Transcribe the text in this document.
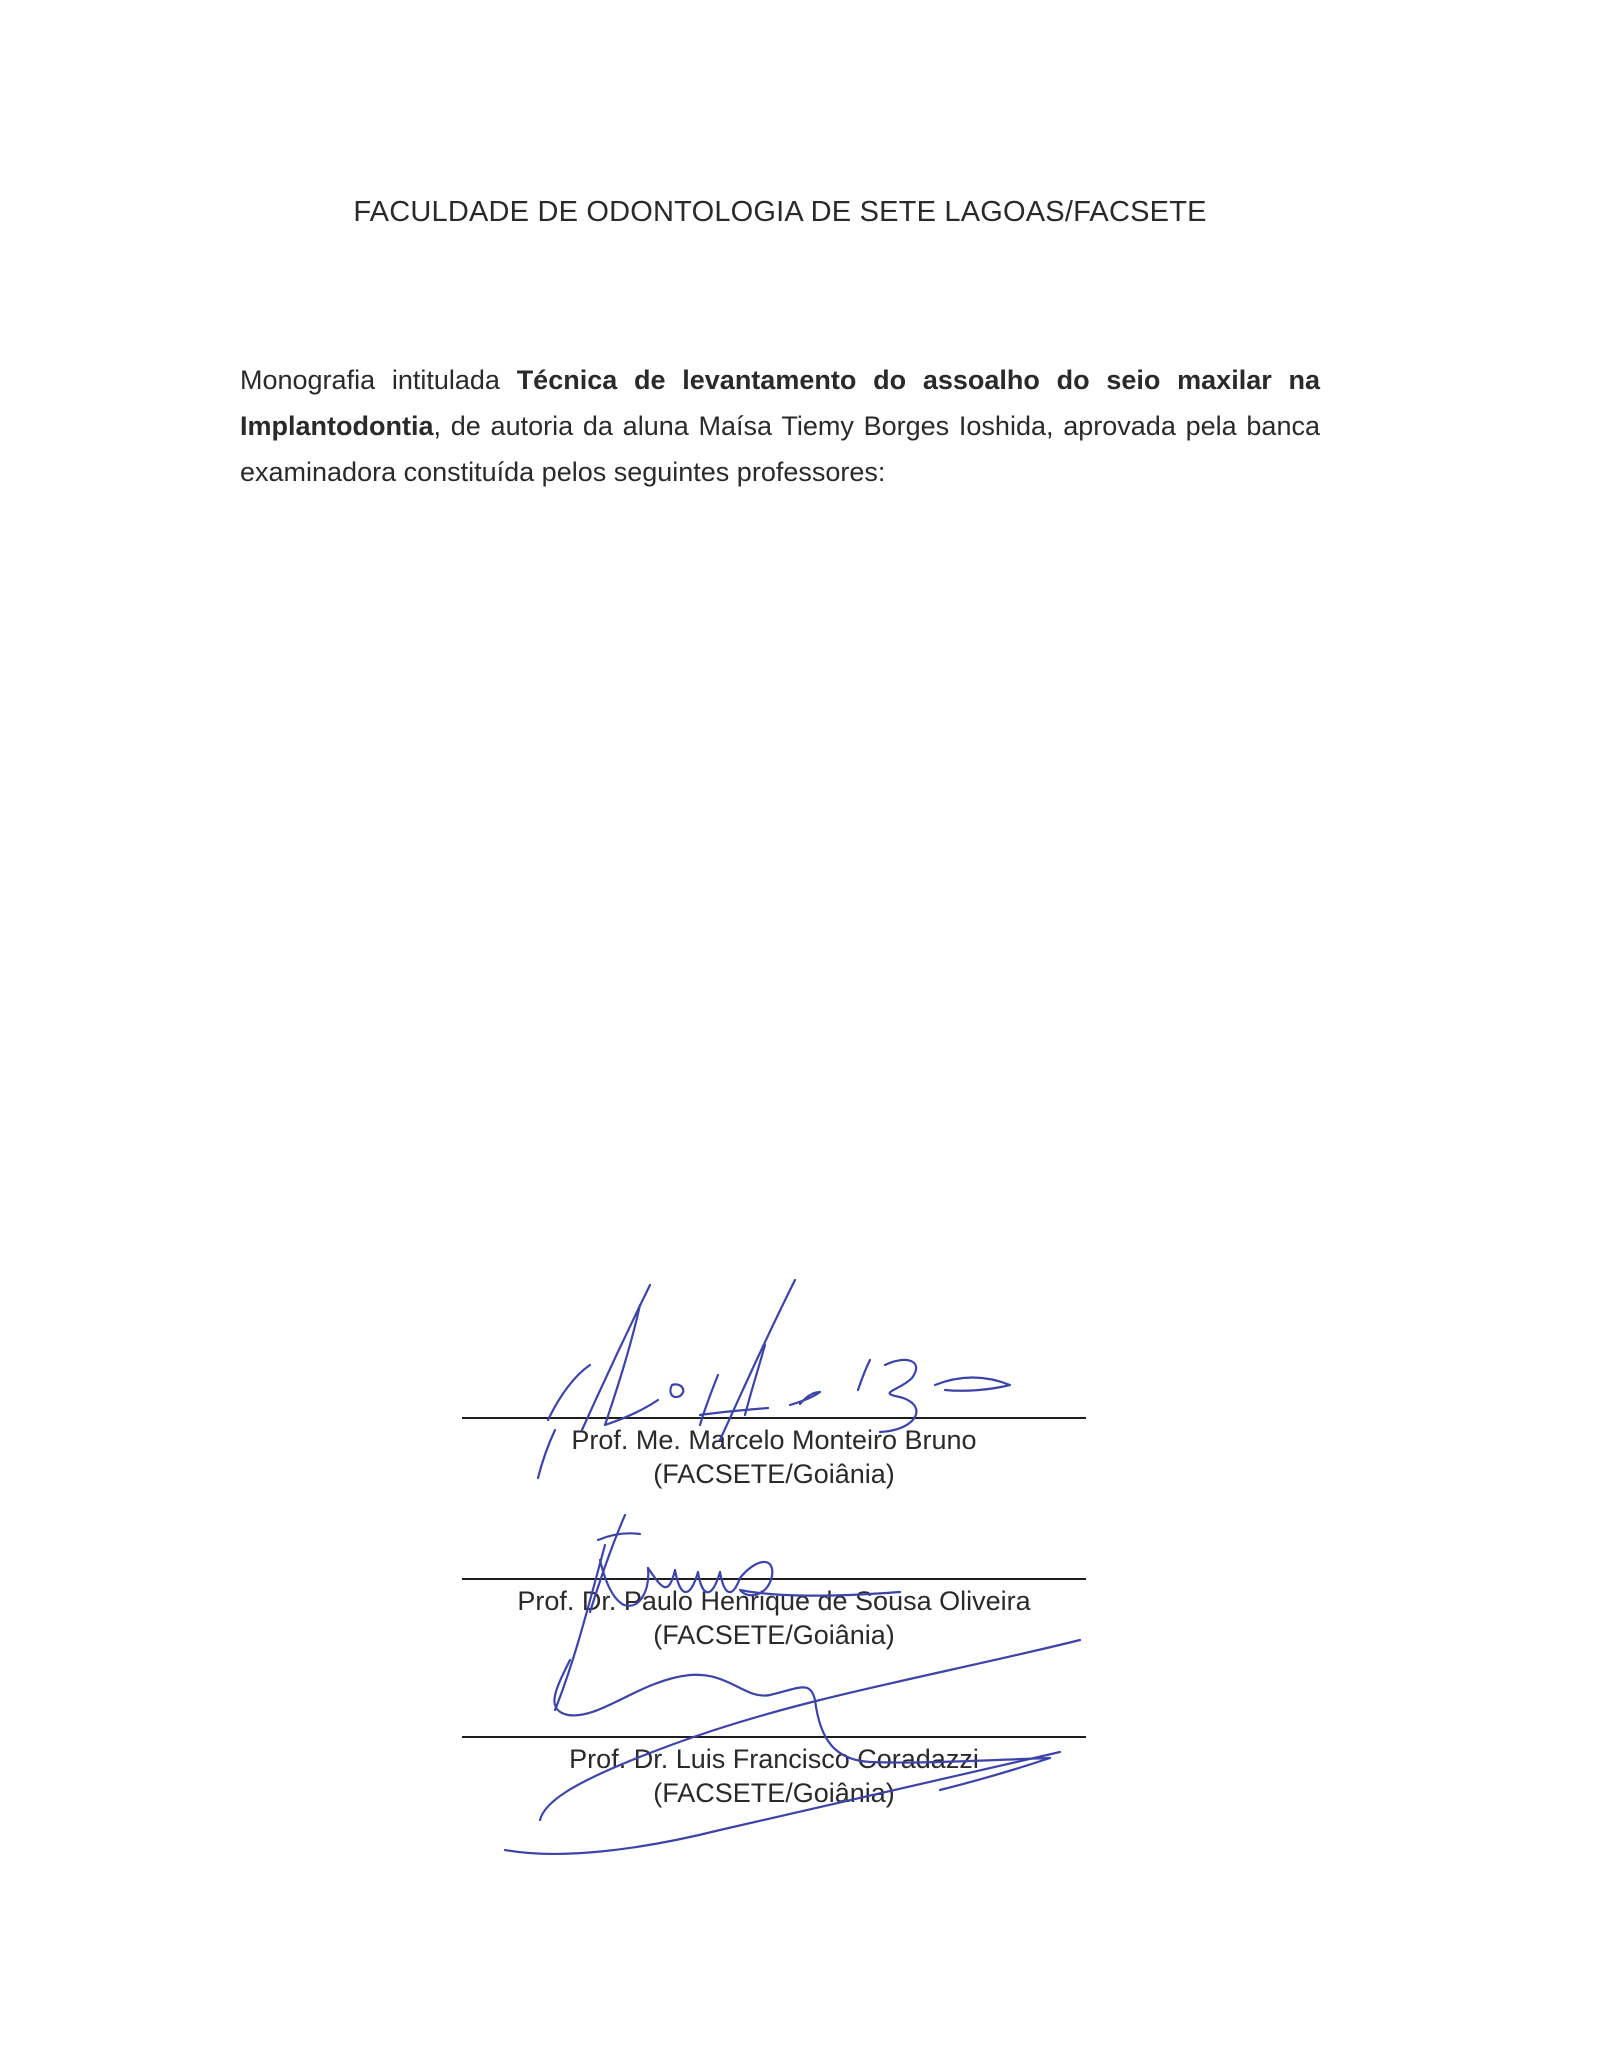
FACULDADE DE ODONTOLOGIA DE SETE LAGOAS/FACSETE

Monografia intitulada Técnica de levantamento do assoalho do seio maxilar na Implantodontia, de autoria da aluna Maísa Tiemy Borges Ioshida, aprovada pela banca examinadora constituída pelos seguintes professores:

Prof. Me. Marcelo Monteiro Bruno
(FACSETE/Goiânia)
Prof. Dr. Paulo Henrique de Sousa Oliveira
(FACSETE/Goiânia)
Prof. Dr. Luis Francisco Coradazzi
(FACSETE/Goiânia)
